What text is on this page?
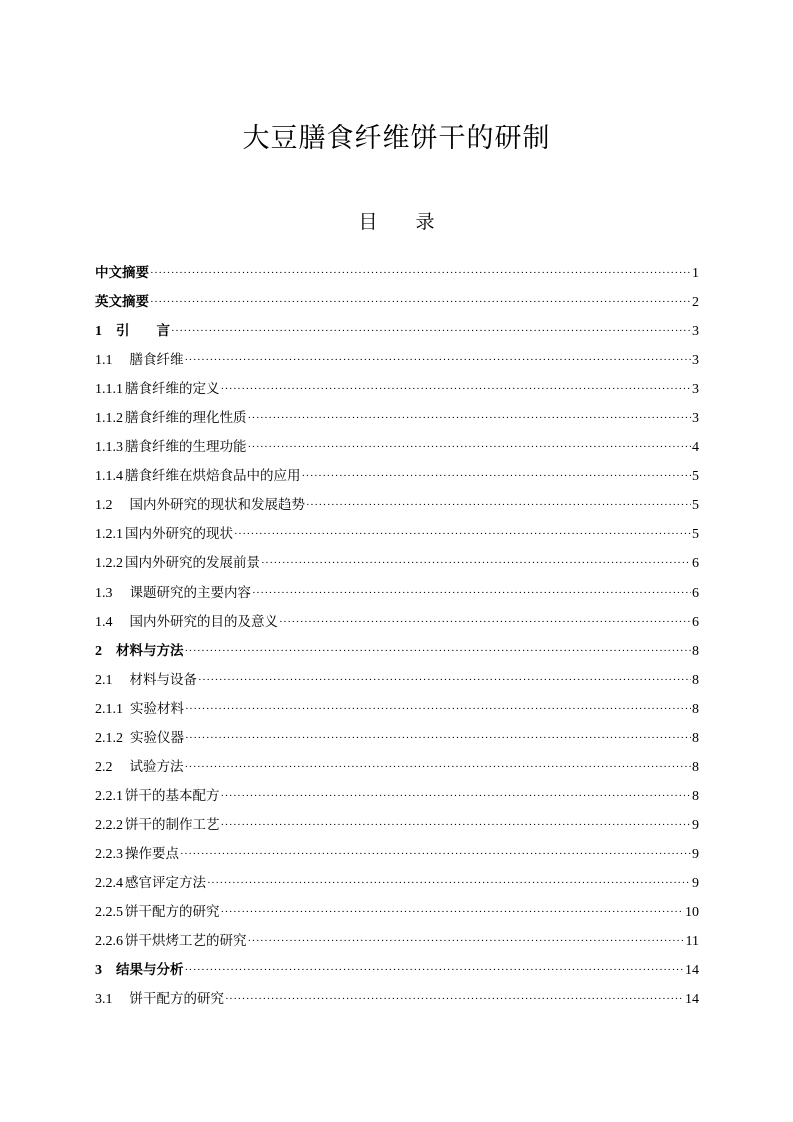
大豆膳食纤维饼干的研制
目 录
中文摘要 ·····	1
英文摘要 ·····	2
1 引　　言 ·····	3
1.1 膳食纤维 ·····	3
1.1.1 膳食纤维的定义 ·····	3
1.1.2 膳食纤维的理化性质 ·····	3
1.1.3 膳食纤维的生理功能 ·····	4
1.1.4 膳食纤维在烘焙食品中的应用 ·····	5
1.2 国内外研究的现状和发展趋势 ·····	5
1.2.1 国内外研究的现状 ·····	5
1.2.2 国内外研究的发展前景 ·····	6
1.3 课题研究的主要内容 ·····	6
1.4 国内外研究的目的及意义 ·····	6
2 材料与方法 ·····	8
2.1 材料与设备 ·····	8
2.1.1 实验材料 ·····	8
2.1.2 实验仪器 ·····	8
2.2 试验方法 ·····	8
2.2.1 饼干的基本配方 ·····	8
2.2.2 饼干的制作工艺 ·····	9
2.2.3 操作要点 ·····	9
2.2.4 感官评定方法 ·····	9
2.2.5 饼干配方的研究 ·····	10
2.2.6 饼干烘烤工艺的研究 ·····	11
3 结果与分析 ·····	14
3.1 饼干配方的研究 ·····	14
